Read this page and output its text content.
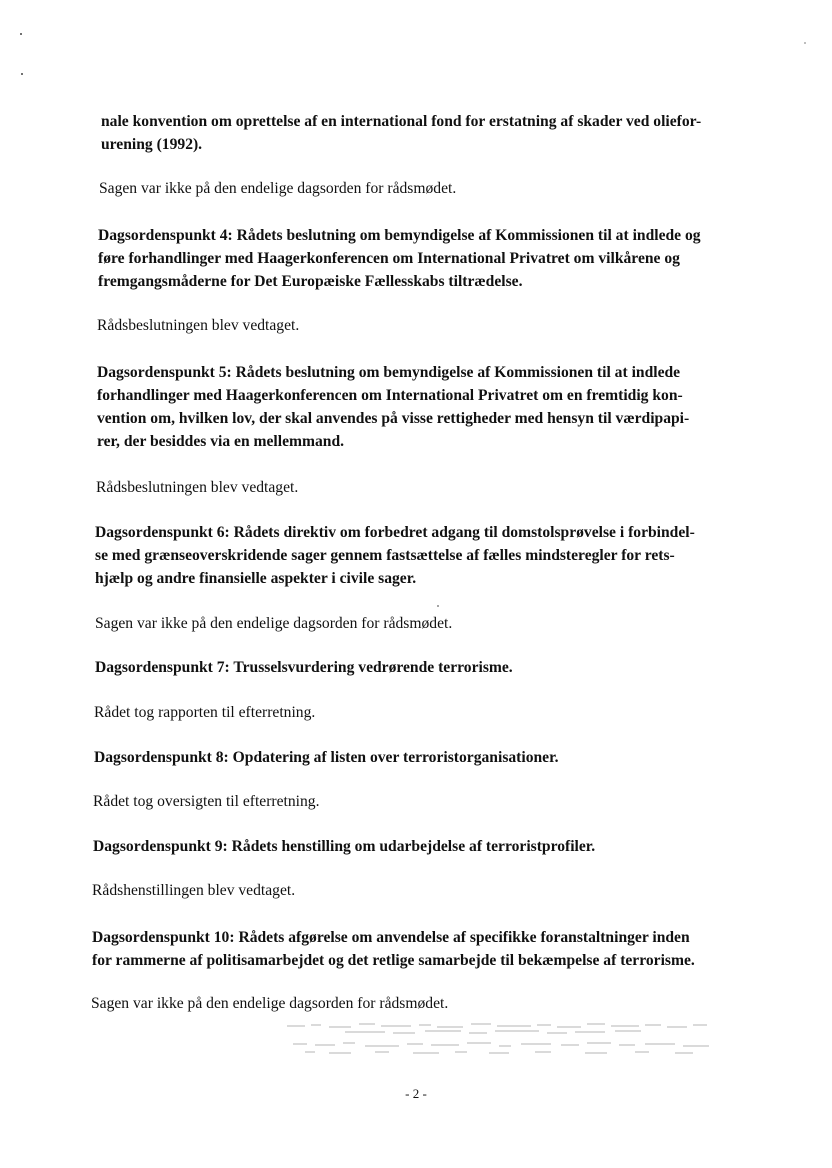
nale konvention om oprettelse af en international fond for erstatning af skader ved oliefor-
urening (1992).
Sagen var ikke på den endelige dagsorden for rådsmødet.
Dagsordenspunkt 4: Rådets beslutning om bemyndigelse af Kommissionen til at indlede og
føre forhandlinger med Haagerkonferencen om International Privatret om vilkårene og
fremgangsmåderne for Det Europæiske Fællesskabs tiltrædelse.
Rådsbeslutningen blev vedtaget.
Dagsordenspunkt 5: Rådets beslutning om bemyndigelse af Kommissionen til at indlede
forhandlinger med Haagerkonferencen om International Privatret om en fremtidig kon-
vention om, hvilken lov, der skal anvendes på visse rettigheder med hensyn til værdipapi-
rer, der besiddes via en mellemmand.
Rådsbeslutningen blev vedtaget.
Dagsordenspunkt 6: Rådets direktiv om forbedret adgang til domstolsprøvelse i forbindel-
se med grænseoverskridende sager gennem fastsættelse af fælles mindsteregler for rets-
hjælp og andre finansielle aspekter i civile sager.
Sagen var ikke på den endelige dagsorden for rådsmødet.
Dagsordenspunkt 7: Trusselsvurdering vedrørende terrorisme.
Rådet tog rapporten til efterretning.
Dagsordenspunkt 8: Opdatering af listen over terroristorganisationer.
Rådet tog oversigten til efterretning.
Dagsordenspunkt 9: Rådets henstilling om udarbejdelse af terroristprofiler.
Rådshenstillingen blev vedtaget.
Dagsordenspunkt 10: Rådets afgørelse om anvendelse af specifikke foranstaltninger inden
for rammerne af politisamarbejdet og det retlige samarbejde til bekæmpelse af terrorisme.
Sagen var ikke på den endelige dagsorden for rådsmødet.
- 2 -
